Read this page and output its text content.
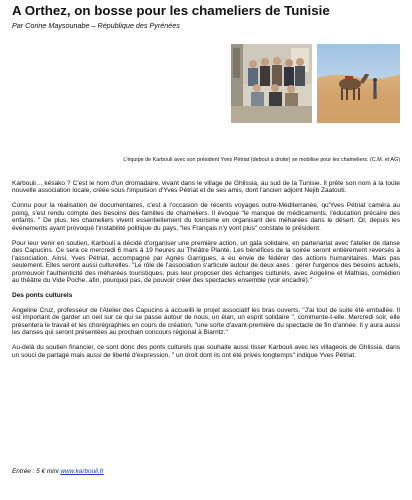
A Orthez, on bosse pour les chameliers de Tunisie
Par Corine Maysounabe – République des Pyrénées
L'équipe de Karbouli avec son président Yves Pétriat (debout à droite) se mobilise pour les chameliers. (C.M. et AG)

Karbouli… késako ? C'est le nom d'un dromadaire, vivant dans le village de Ghlissia, au sud de la Tunisie. Il prête son nom à la toute nouvelle association locale, créée sous l'impulsion d'Yves Pétriat et de ses amis, dont l'ancien adjoint Nejib Zaatouti.

Connu pour la réalisation de documentaires, c'est à l'occasion de récents voyages outre-Méditerranée, qu'Yves Pétriat caméra au poing, s'est rendu compte des besoins des familles de chameliers. Il évoque "le manque de médicaments, l'éducation précaire des enfants. " De plus, les chameliers vivent essentiellement du tourisme en organisant des méharées dans le désert. Or, depuis les événements ayant provoqué l'instabilité politique du pays, "les Français n'y vont plus" constate le président.

Pour leur venir en soutien, Karbouli a décidé d'organiser une première action, un gala solidaire, en partenariat avec l'atelier de danse des Capucins. Ce sera ce mercredi 6 mars à 19 heures au Théâtre Planté. Les bénéfices de la soirée seront entièrement reversés à l'association. Ainsi, Yves Pétriat, accompagné par Agnès Garrigues, a eu envie de fédérer des actions humanitaires. Mais pas seulement. Elles seront aussi culturelles. "Le rôle de l'association s'articule autour de deux axes : gérer l'urgence des besoins actuels, promouvoir l'authenticité des méharées touristiques, puis leur proposer des échanges culturels, avec Angeline et Mathias, comédien au théâtre du Vide Poche, afin, pourquoi pas, de pouvoir créer des spectacles ensemble (voir encadré)."

Des ponts culturels

Angeline Cruz, professeur de l'Atelier des Capucins a accueilli le projet associatif les bras ouverts. "J'ai tout de suite été emballée. Il est important de garder un oeil sur ce qui se passe autour de nous, un élan, un esprit solidaire ", commente-t-elle. Mercredi soir, elle présentera le travail et les chorégraphies en cours de création, "une sorte d'avant-première du spectacle de fin d'année. Il y aura aussi les danses qui seront présentées au prochain concours régional à Biarritz."

Au-delà du soutien financier, ce sont donc des ponts culturels que souhaite aussi tisser Karbouli avec les villageois de Ghlissia, dans un souci de partage mais aussi de liberté d'expression, " un droit dont ils ont été privés longtemps" indique Yves Pétriat.

Entrée : 5 € mini www.karbouli.fr
